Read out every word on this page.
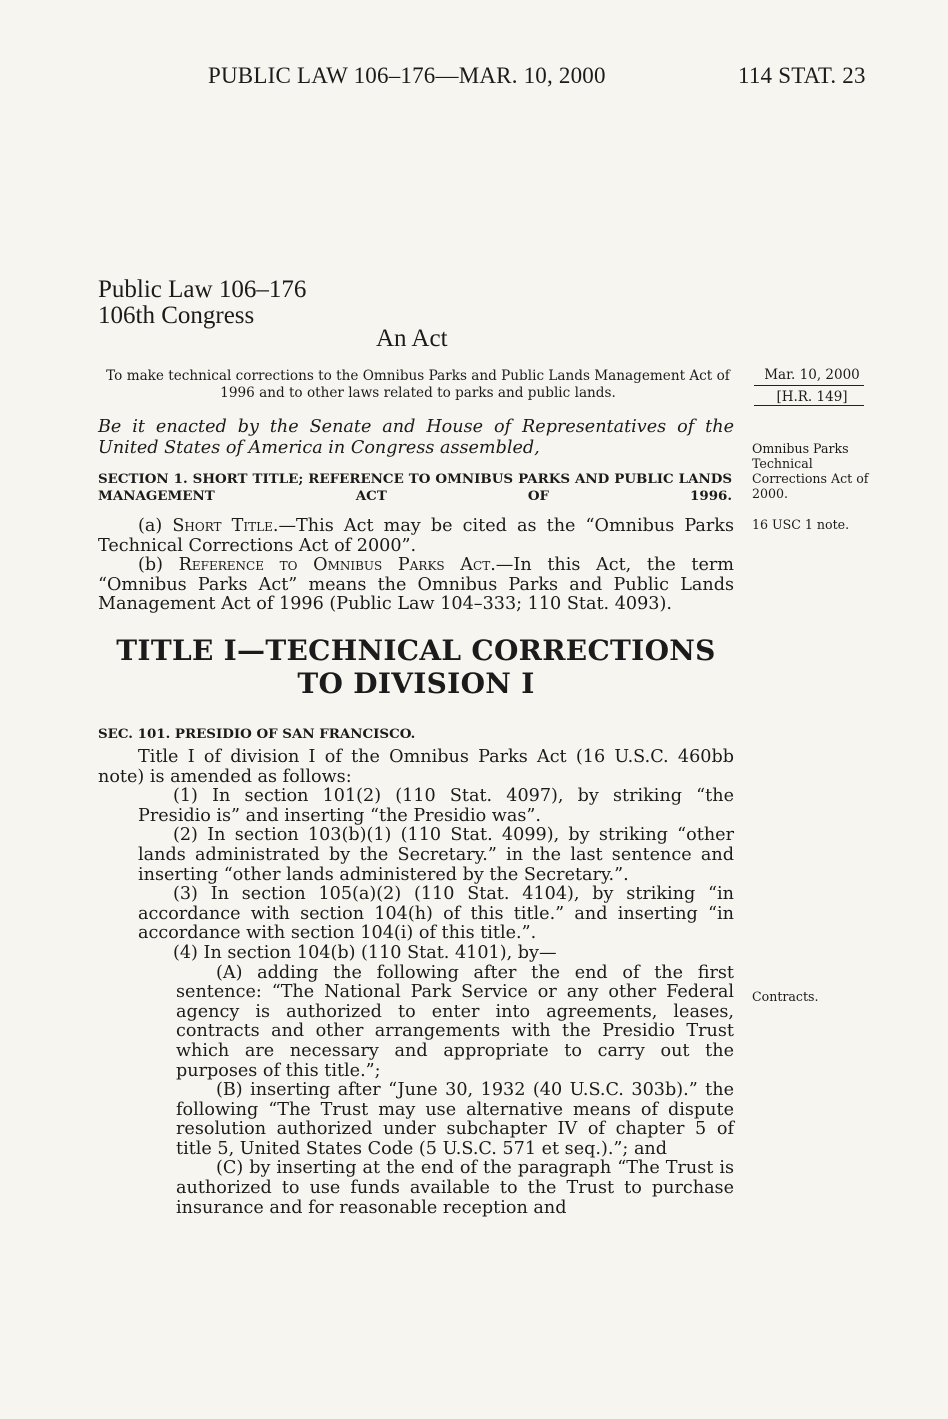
PUBLIC LAW 106–176—MAR. 10, 2000	114 STAT. 23
Public Law 106–176
106th Congress
An Act
To make technical corrections to the Omnibus Parks and Public Lands Management Act of 1996 and to other laws related to parks and public lands.
Mar. 10, 2000
[H.R. 149]
Omnibus Parks Technical Corrections Act of 2000.
16 USC 1 note.
Contracts.
Be it enacted by the Senate and House of Representatives of the United States of America in Congress assembled,
SECTION 1. SHORT TITLE; REFERENCE TO OMNIBUS PARKS AND PUBLIC LANDS MANAGEMENT ACT OF 1996.

(a) Short Title.—This Act may be cited as the “Omnibus Parks Technical Corrections Act of 2000”.

(b) Reference to Omnibus Parks Act.—In this Act, the term “Omnibus Parks Act” means the Omnibus Parks and Public Lands Management Act of 1996 (Public Law 104–333; 110 Stat. 4093).

TITLE I—TECHNICAL CORRECTIONS TO DIVISION I
SEC. 101. PRESIDIO OF SAN FRANCISCO.

Title I of division I of the Omnibus Parks Act (16 U.S.C. 460bb note) is amended as follows:

(1) In section 101(2) (110 Stat. 4097), by striking “the Presidio is” and inserting “the Presidio was”.

(2) In section 103(b)(1) (110 Stat. 4099), by striking “other lands administrated by the Secretary.” in the last sentence and inserting “other lands administered by the Secretary.”.

(3) In section 105(a)(2) (110 Stat. 4104), by striking “in accordance with section 104(h) of this title.” and inserting “in accordance with section 104(i) of this title.”.

(4) In section 104(b) (110 Stat. 4101), by—

(A) adding the following after the end of the first sentence: “The National Park Service or any other Federal agency is authorized to enter into agreements, leases, contracts and other arrangements with the Presidio Trust which are necessary and appropriate to carry out the purposes of this title.”;

(B) inserting after “June 30, 1932 (40 U.S.C. 303b).” the following “The Trust may use alternative means of dispute resolution authorized under subchapter IV of chapter 5 of title 5, United States Code (5 U.S.C. 571 et seq.).”; and

(C) by inserting at the end of the paragraph “The Trust is authorized to use funds available to the Trust to purchase insurance and for reasonable reception and
